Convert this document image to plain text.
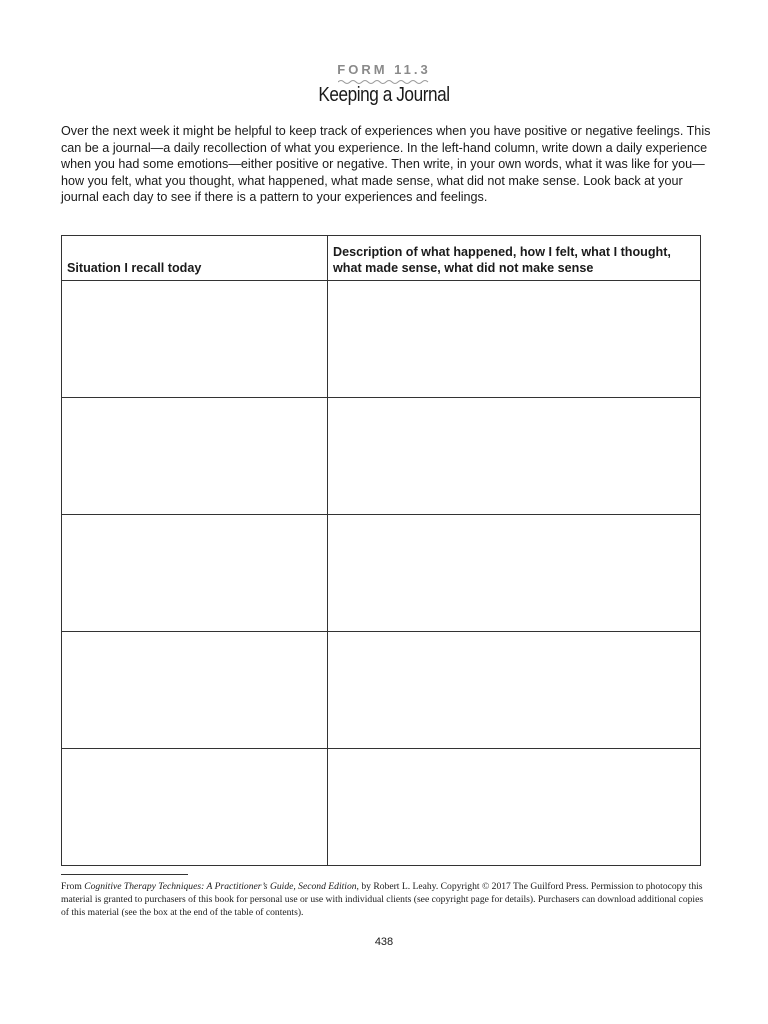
FORM 11.3
Keeping a Journal

Over the next week it might be helpful to keep track of experiences when you have positive or negative feelings. This can be a journal—a daily recollection of what you experience. In the left-hand column, write down a daily experience when you had some emotions—either positive or negative. Then write, in your own words, what it was like for you—how you felt, what you thought, what happened, what made sense, what did not make sense. Look back at your journal each day to see if there is a pattern to your experiences and feelings.

Situation I recall today	Description of what happened, how I felt, what I thought, what made sense, what did not make sense

From Cognitive Therapy Techniques: A Practitioner’s Guide, Second Edition, by Robert L. Leahy. Copyright © 2017 The Guilford Press. Permission to photocopy this material is granted to purchasers of this book for personal use or use with individual clients (see copyright page for details). Purchasers can download additional copies of this material (see the box at the end of the table of contents).

438
